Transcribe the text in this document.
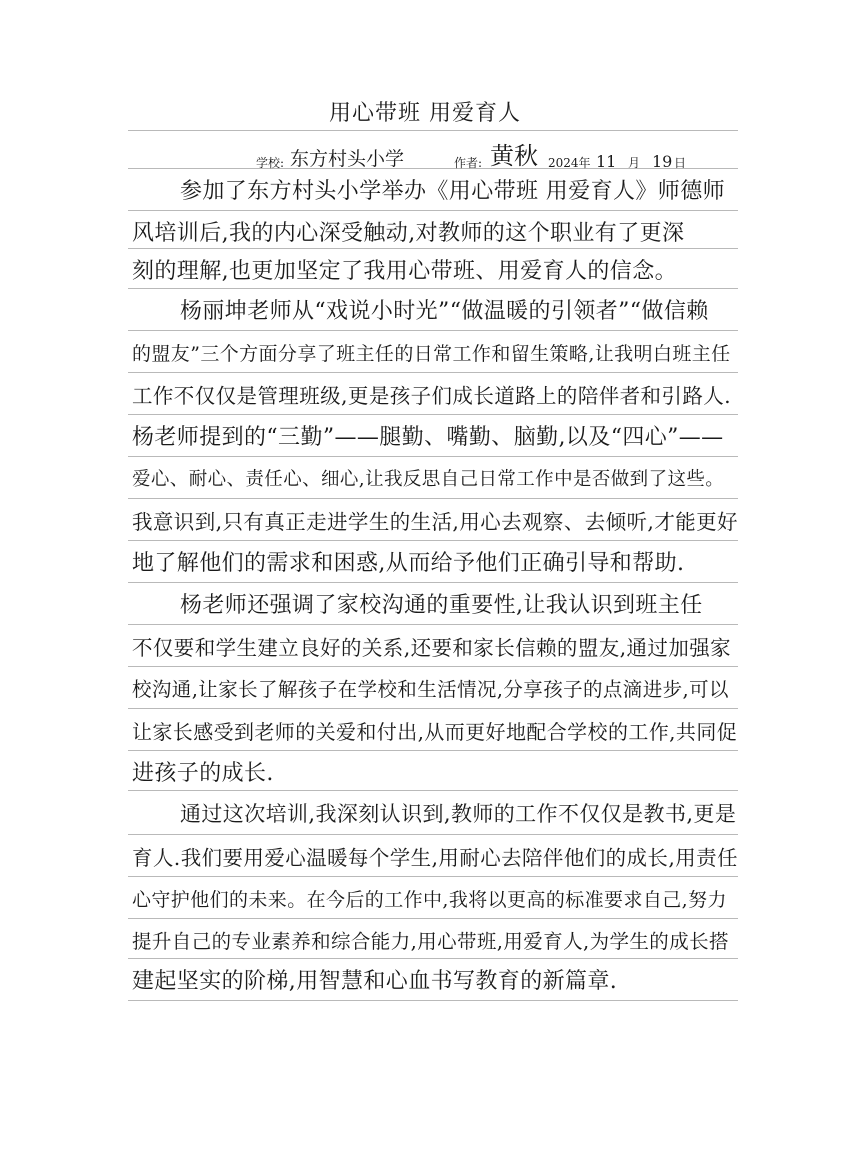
用心带班 用爱育人
学校: 东方村头小学	作者: 黄秋 2024年 11 月 19 日
参加了东方村头小学举办《用心带班 用爱育人》师德师
风培训后,我的内心深受触动,对教师的这个职业有了更深
刻的理解,也更加坚定了我用心带班、用爱育人的信念。
杨丽坤老师从“戏说小时光”“做温暖的引领者”“做信赖
的盟友”三个方面分享了班主任的日常工作和留生策略,让我明白班主任
工作不仅仅是管理班级,更是孩子们成长道路上的陪伴者和引路人.
杨老师提到的“三勤”——腿勤、嘴勤、脑勤,以及“四心”——
爱心、耐心、责任心、细心,让我反思自己日常工作中是否做到了这些。
我意识到,只有真正走进学生的生活,用心去观察、去倾听,才能更好
地了解他们的需求和困惑,从而给予他们正确引导和帮助.
杨老师还强调了家校沟通的重要性,让我认识到班主任
不仅要和学生建立良好的关系,还要和家长信赖的盟友,通过加强家
校沟通,让家长了解孩子在学校和生活情况,分享孩子的点滴进步,可以
让家长感受到老师的关爱和付出,从而更好地配合学校的工作,共同促
进孩子的成长.
通过这次培训,我深刻认识到,教师的工作不仅仅是教书,更是
育人.我们要用爱心温暖每个学生,用耐心去陪伴他们的成长,用责任
心守护他们的未来。在今后的工作中,我将以更高的标准要求自己,努力
提升自己的专业素养和综合能力,用心带班,用爱育人,为学生的成长搭
建起坚实的阶梯,用智慧和心血书写教育的新篇章.
